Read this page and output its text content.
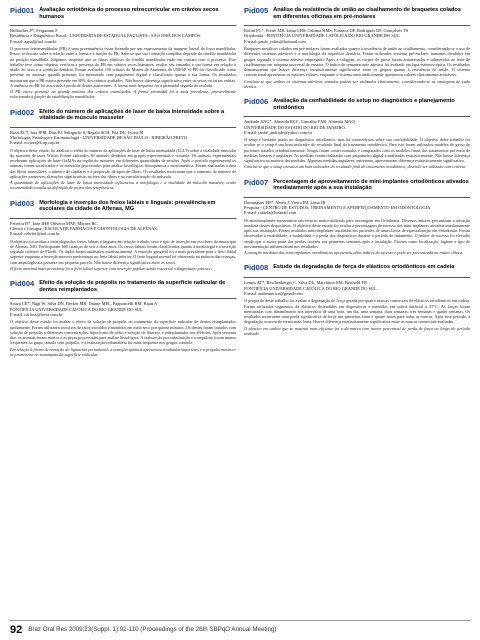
Pid001 Avaliação ontotônica do processo retrocurricular em crânios secos humanos
Holbacher P*, Fergunino F
Residência e Diagnóstico Bucal - UNIVERSIDADE ESTADUAL PAULISTA - SÃO JOSÉ DOS CAMPOS.
E-mail: agnal@uol.com.br
O processo retromandibular (PR) é uma proeminência óssea formada por um espessamento da margem lateral da fossa mandibular. Pouco se discute sobre a relação entre a forma e a função do PR. Sabe-se que sua formação completa depende do côndilo mandibular na posição mandíbula. Julgamos suspeitar que as fibras elásticas do côndilo mandibular estão em contato com o processo. Este trabalho teve como objetivo verificar a presença do PR em crânios secos humanos, avaliar seu tamanho e sua forma em relação à idade, ao sexo e à condição dentária. Foram avaliados 150 crânios do Museu de Anatomia da UNESP. O PR foi classificado como presente ou ausente; quando presente, foi mensurado com paquímetro digital e classificado quanto à sua forma. Os resultados mostraram que o PR estava presente em 88% dos crânios avaliados. Não houve diferença significativa entre os sexos ou faixas etárias. A ausência do PR foi associada à perda de dentes posteriores. A forma mais frequente foi a piramidal seguida da ovalada.
O PR esteve presente na grande maioria dos crânios examinados. A forma piramidal foi a mais prevalente, provavelmente relacionada à função de estabilização mandibular.
Pid002 Efeito do número de aplicações de laser de baixa intensidade sobre a vitalidade de músculo masseter
Rizzi EC*, Issa JPM, Dias FJ, Sekiguchi S, Regalo SCH, Pita DL, Lyons M
Morfologia, Fisiologia e Estomatologia - UNIVERSIDADE DE SÃO PAULO - RIBEIRÃO PRETO.
E-mail: ecrizzi@forp.usp.br
O objetivo deste estudo foi analisar o efeito do número de aplicações de laser de baixa intensidade (LLLT) sobre a vitalidade muscular do masseter de ratos Wistar. Foram utilizados 30 animais divididos em grupos experimentais e controle. Os animais experimentais receberam aplicações de laser GaAlAs na região do masseter em diferentes quantidades de sessões. Após o período experimental os animais foram sacrificados e os músculos processados para análise histológica, histoquímica e morfométrica. Foram analisadas a área das fibras musculares, o número de capilares e a proporção de tipos de fibras. Os resultados mostraram que o aumento do número de aplicações promoveu alterações significativas na área das fibras e na vascularização do músculo.
A quantidade de aplicações de laser de baixa intensidade influenciou a morfologia e a vitalidade do músculo masseter, sendo recomendada cautela na definição de protocolos terapêuticos.
Pid003 Morfologia e inserção dos freios labiais e linguais: prevalência em escolares da cidade de Alfenas, MG
Ferreira D*, Ione JHP, Oliveira MAF, Moraes RC
Clínica e Cirurgia - ESCOLA DE FARMÁCIA E ODONTOLOGIA DE ALFENAS.
E-mail: cebrfer@uol.com.br
O objetivo foi avaliar a morfologia dos freios labiais e linguais em relação à idade, sexo e tipo de inserção em escolares do município de Alfenas, MG. Participaram 600 crianças de seis a doze anos. Os freios labiais foram classificados quanto à morfologia e a inserção segundo critérios de Placek. Os dados foram analisados estatisticamente. A inserção gengival foi a mais prevalente para o freio labial superior enquanto a inserção mucosa predominou no freio labial inferior. O freio lingual normal foi observado na maioria das crianças, com anquiloglossia presente em pequena parcela. Não houve diferença significativa entre os sexos.
O freio anormal mais prevalente foi o freio labial superior com inserção papilar, sendo essencial o diagnóstico precoce.
Pid004 Efeito da solução de própolis no tratamento da superfície radicular de dentes reimplantados
Souza CE*, Nagi W, Silva DN, Becker MR, Duarte MFL, Pagnoncelli RM, Bijan A
PONTIFÍCIA UNIVERSIDADE CATÓLICA DO RIO GRANDE DO SUL.
E-mail: carlosx@terra.com.br
O objetivo deste estudo foi avaliar o efeito da solução de própolis no tratamento da superfície radicular de dentes reimplantados tardiamente. Foram utilizados incisivos de ratos extraídos e mantidos em meio seco por quinze minutos. Os dentes foram tratados com solução de própolis a diferentes concentrações, hipoclorito de sódio e solução de fluoreto, e reimplantados nos alvéolos. Após sessenta dias os animais foram mortos e as peças processadas para análise histológica. A reabsorção por substituição e a anquilose foram menos frequentes no grupo tratado com própolis, e a reabsorção inflamatória foi mais frequente nos grupos controle.
Em relação à forma de remoção do ligamento periodontal, a remoção química apresentou resultados superiores e a própolis mostrou-se promissora no tratamento da superfície radicular.
Pid005 Análise da resistência de união ao cisalhamento de braquetes colados em diferentes oficinas em pré-molares
Rolim FC*, Freire MR, Lima CHS, Oshima HMS, Fonseca DF, Rodrigues DF, Gonçalves TS
Ortodontia - PONTIFÍCIA UNIVERSIDADE CATÓLICA DO RIO GRANDE DO SUL.
E-mail: paulo_rolim@hotmail.com
Braquetes metálicos colados em pré-molares foram avaliados quanto à resistência de união ao cisalhamento, considerando-se o uso de diferentes sistemas adesivos e a morfologia da superfície dentária. Foram utilizados sessenta pré-molares humanos divididos em grupos segundo o sistema adesivo empregado. Após a colagem, os corpos de prova foram armazenados e submetidos ao teste de cisalhamento em máquina universal de ensaios. O índice de remanescente adesivo foi avaliado em lupa estereoscópica. Os resultados demonstraram que houve diferença estatisticamente significativa entre os grupos quanto à resistência de união. O sistema convencional apresentou os maiores valores, enquanto o sistema autocondicionante apresentou valores clinicamente aceitáveis.
Concluiu-se que ambos os sistemas adesivos testados podem ser utilizados clinicamente, considerando-se as vantagens de cada técnica.
Pid006 Avaliação da confiabilidade do setup no diagnóstico e planejamento ortodôntico
Andrade ANG*, Almeida RCC, Carvalho FAR, Almeida MAO
UNIVERSIDADE DO ESTADO DO RIO DE JANEIRO.
E-mail: tanhe_andrade@yahoo.com.br
O setup é bastante usado no diagnóstico ortodôntico, mas há controvérsias sobre sua confiabilidade. O objetivo deste trabalho foi avaliar se o setup é um bom indicador do resultado final do tratamento ortodôntico. Para isto foram utilizados modelos de gesso de pacientes tratados ortodonticamente. Setups foram confeccionados e comparados com os modelos finais dos tratamentos por meio de medidas lineares e angulares. As medidas foram realizadas com paquímetro digital e analisadas estatisticamente. Não houve diferença significativa na maioria das medidas. Algumas medidas angulares, entretanto, apresentaram diferença estatisticamente significativa.
Conclui-se que o setup constitui um bom indicador do resultado final do tratamento ortodôntico, devendo ser utilizado com critério.
Pid007 Percentagem de aproveitamento de mini-implantes ortodônticos ativados imediatamente após a sua instalação
Domingues FD*, Abreu J, Vieira IM, Lima JR
Pesquisa - CENTRO DE ESTUDOS, TREINAMENTO E APERFEIÇOAMENTO EM ODONTOLOGIA.
E-mail: rafaela@hotmail.com
Os mini-implantes tornaram-se um recurso muito utilizado para ancoragem em Ortodontia. Diversos autores preconizam a ativação imediata destes dispositivos. O objetivo deste estudo foi avaliar a percentagem de sucesso dos mini-implantes ativados imediatamente após sua instalação. Foram avaliados mini-implantes instalados em pacientes de uma clínica de especialização em Ortodontia. Foram observadas a estabilidade, a mobilidade e a perda dos dispositivos durante o período de tratamento. O índice de sucesso foi elevado, sendo que a maior parte das perdas ocorreu nas primeiras semanas após a instalação. Fatores como localização, higiene e tipo de movimentação influenciaram nos resultados.
A ativação imediata dos mini-implantes ortodônticos apresentou altos índices de sucesso e pode ser preconizada na rotina clínica.
Pid008 Estudo da degradação de força de elásticos ortodônticos em cadeia
Lemos AT*, Reichenberger C, Silva DL, Marchioro EM, Berthold TB
PONTIFÍCIA UNIVERSIDADE CATÓLICA DO RIO GRANDE DO SUL.
E-mail: andreaterico@gmail.com
O propósito deste trabalho foi avaliar a degradação de força gerada por quatro marcas comerciais de elásticos ortodônticos em cadeia. Foram utilizados segmentos de elásticos distendidos em dispositivos e mantidos em saliva artificial a 37°C. As forças foram mensuradas com dinamômetro nos intervalos de uma hora, um dia, uma semana, duas semanas, três semanas e quatro semanas. Os resultados mostraram uma perda significativa de força nas primeiras vinte e quatro horas para todas as marcas. Após esse período, a degradação ocorreu de forma mais lenta. Houve diferença estatisticamente significativa entre as marcas comerciais avaliadas.
O elástico em cadeia que se mostrou mais eficiente foi o da marca com menor percentual de perda de força ao longo do período avaliado.
92 Braz Oral Res 2009;23(Suppl. 1):92-110 (Proceedings of the 26th SBPqO Annual Meeting)
